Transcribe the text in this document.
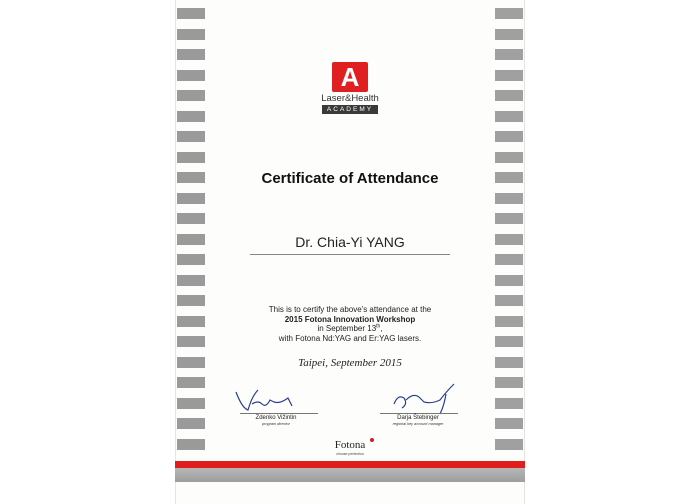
A
Laser&Health
ACADEMY
Certificate of Attendance
Dr. Chia-Yi YANG
This is to certify the above's attendance at the
2015 Fotona Innovation Workshop
in September 13th,
with Fotona Nd:YAG and Er:YAG lasers.
Taipei, September 2015
Zdenko Vižintin
program director
Darja Štebinger
regional key account manager
Fotona
choose perfection
